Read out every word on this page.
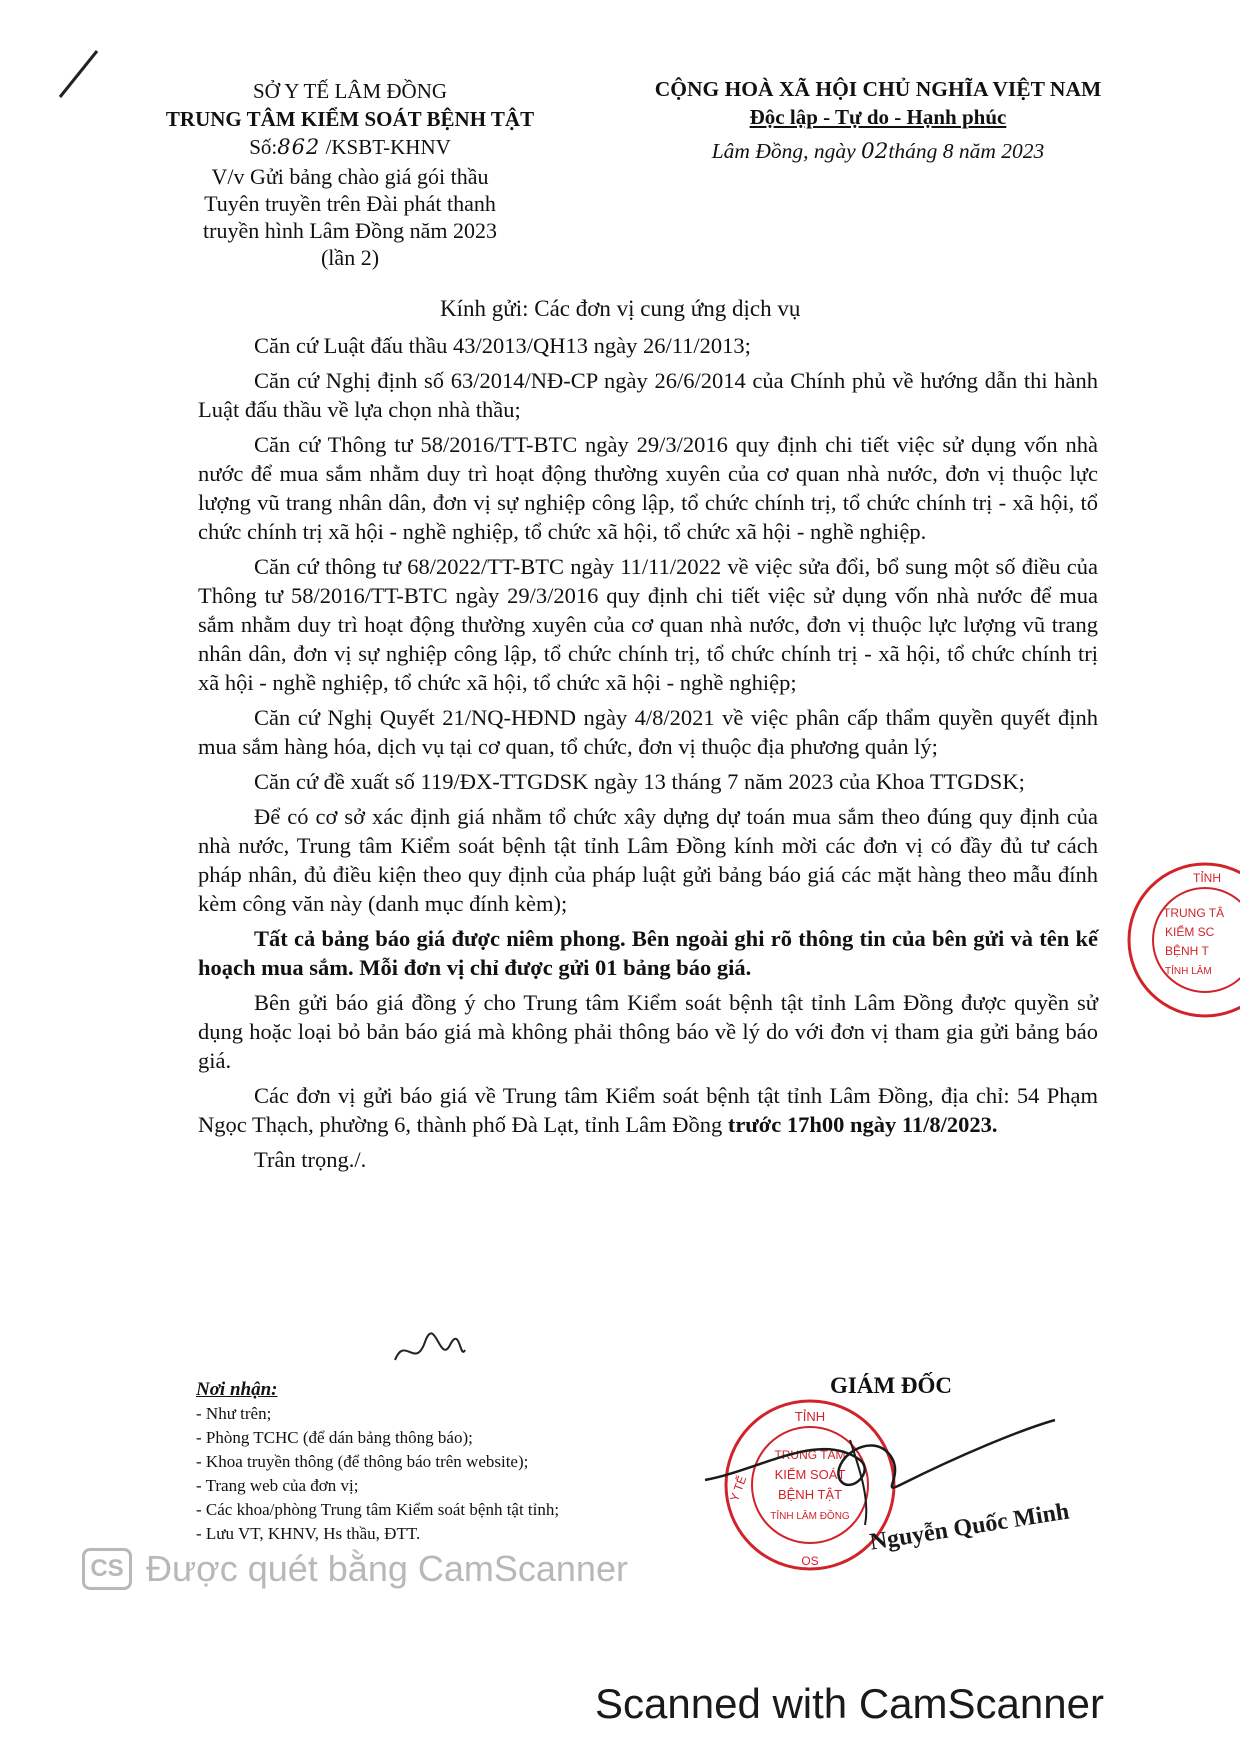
SỞ Y TẾ LÂM ĐỒNG
TRUNG TÂM KIỂM SOÁT BỆNH TẬT
Số:862 /KSBT-KHNV
V/v Gửi bảng chào giá gói thầu
Tuyên truyền trên Đài phát thanh
truyền hình Lâm Đồng năm 2023
(lần 2)
CỘNG HOÀ XÃ HỘI CHỦ NGHĨA VIỆT NAM
Độc lập - Tự do - Hạnh phúc
Lâm Đồng, ngày 02tháng 8 năm 2023
Kính gửi: Các đơn vị cung ứng dịch vụ

Căn cứ Luật đấu thầu 43/2013/QH13 ngày 26/11/2013;

Căn cứ Nghị định số 63/2014/NĐ-CP ngày 26/6/2014 của Chính phủ về hướng dẫn thi hành Luật đấu thầu về lựa chọn nhà thầu;

Căn cứ Thông tư 58/2016/TT-BTC ngày 29/3/2016 quy định chi tiết việc sử dụng vốn nhà nước để mua sắm nhằm duy trì hoạt động thường xuyên của cơ quan nhà nước, đơn vị thuộc lực lượng vũ trang nhân dân, đơn vị sự nghiệp công lập, tổ chức chính trị, tổ chức chính trị - xã hội, tổ chức chính trị xã hội - nghề nghiệp, tổ chức xã hội, tổ chức xã hội - nghề nghiệp.

Căn cứ thông tư 68/2022/TT-BTC ngày 11/11/2022 về việc sửa đổi, bổ sung một số điều của Thông tư 58/2016/TT-BTC ngày 29/3/2016 quy định chi tiết việc sử dụng vốn nhà nước để mua sắm nhằm duy trì hoạt động thường xuyên của cơ quan nhà nước, đơn vị thuộc lực lượng vũ trang nhân dân, đơn vị sự nghiệp công lập, tổ chức chính trị, tổ chức chính trị - xã hội, tổ chức chính trị xã hội - nghề nghiệp, tổ chức xã hội, tổ chức xã hội - nghề nghiệp;

Căn cứ Nghị Quyết 21/NQ-HĐND ngày 4/8/2021 về việc phân cấp thẩm quyền quyết định mua sắm hàng hóa, dịch vụ tại cơ quan, tổ chức, đơn vị thuộc địa phương quản lý;

Căn cứ đề xuất số 119/ĐX-TTGDSK ngày 13 tháng 7 năm 2023 của Khoa TTGDSK;

Để có cơ sở xác định giá nhằm tổ chức xây dựng dự toán mua sắm theo đúng quy định của nhà nước, Trung tâm Kiểm soát bệnh tật tỉnh Lâm Đồng kính mời các đơn vị có đầy đủ tư cách pháp nhân, đủ điều kiện theo quy định của pháp luật gửi bảng báo giá các mặt hàng theo mẫu đính kèm công văn này (danh mục đính kèm);

Tất cả bảng báo giá được niêm phong. Bên ngoài ghi rõ thông tin của bên gửi và tên kế hoạch mua sắm. Mỗi đơn vị chỉ được gửi 01 bảng báo giá.

Bên gửi báo giá đồng ý cho Trung tâm Kiểm soát bệnh tật tỉnh Lâm Đồng được quyền sử dụng hoặc loại bỏ bản báo giá mà không phải thông báo về lý do với đơn vị tham gia gửi bảng báo giá.

Các đơn vị gửi báo giá về Trung tâm Kiểm soát bệnh tật tỉnh Lâm Đồng, địa chỉ: 54 Phạm Ngọc Thạch, phường 6, thành phố Đà Lạt, tỉnh Lâm Đồng trước 17h00 ngày 11/8/2023.

Trân trọng./.

Nơi nhận:
- Như trên;
- Phòng TCHC (để dán bảng thông báo);
- Khoa truyền thông (để thông báo trên website);
- Trang web của đơn vị;
- Các khoa/phòng Trung tâm Kiểm soát bệnh tật tỉnh;
- Lưu VT, KHNV, Hs thầu, ĐTT.
GIÁM ĐỐC
TỈNH
Y TẾ
OS
TRUNG TÂM
KIỂM SOÁT
BỆNH TẬT
TỈNH LÂM ĐỒNG Nguyễn Quốc Minh
TỈNH
TRUNG TÂ
KIỂM SC
BỆNH T
TỈNH LÂM
CS Được quét bằng CamScanner
Scanned with CamScanner
